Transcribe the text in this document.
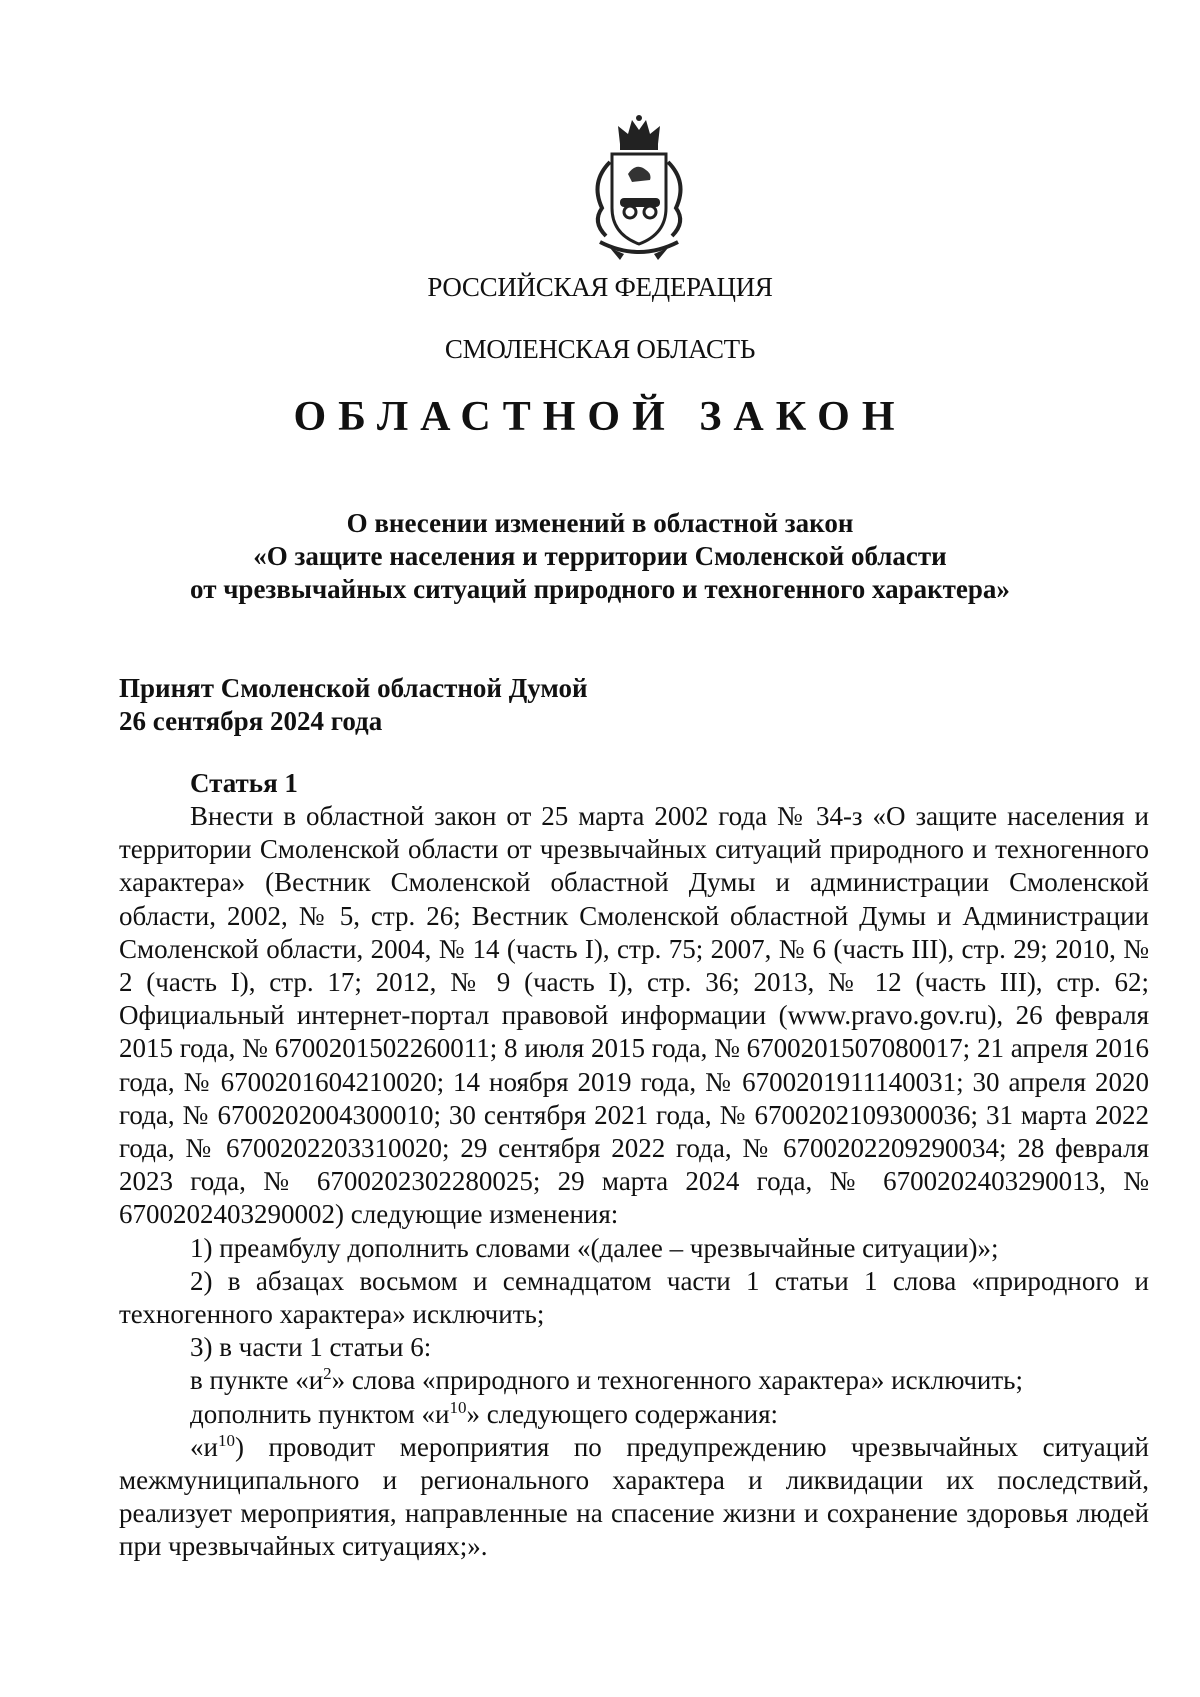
РОССИЙСКАЯ ФЕДЕРАЦИЯ
СМОЛЕНСКАЯ ОБЛАСТЬ
ОБЛАСТНОЙ ЗАКОН
О внесении изменений в областной закон
«О защите населения и территории Смоленской области
от чрезвычайных ситуаций природного и техногенного характера»
Принят Смоленской областной Думой
26 сентября 2024 года
Статья 1

Внести в областной закон от 25 марта 2002 года № 34-з «О защите населения и территории Смоленской области от чрезвычайных ситуаций природного и техногенного характера» (Вестник Смоленской областной Думы и администрации Смоленской области, 2002, № 5, стр. 26; Вестник Смоленской областной Думы и Администрации Смоленской области, 2004, № 14 (часть I), стр. 75; 2007, № 6 (часть III), стр. 29; 2010, № 2 (часть I), стр. 17; 2012, № 9 (часть I), стр. 36; 2013, № 12 (часть III), стр. 62; Официальный интернет-портал правовой информации (www.pravo.gov.ru), 26 февраля 2015 года, № 6700201502260011; 8 июля 2015 года, № 6700201507080017; 21 апреля 2016 года, № 6700201604210020; 14 ноября 2019 года, № 6700201911140031; 30 апреля 2020 года, № 6700202004300010; 30 сентября 2021 года, № 6700202109300036; 31 марта 2022 года, № 6700202203310020; 29 сентября 2022 года, № 6700202209290034; 28 февраля 2023 года, № 6700202302280025; 29 марта 2024 года, № 6700202403290013, № 6700202403290002) следующие изменения:

1) преамбулу дополнить словами «(далее – чрезвычайные ситуации)»;

2) в абзацах восьмом и семнадцатом части 1 статьи 1 слова «природного и техногенного характера» исключить;

3) в части 1 статьи 6:

в пункте «$и^2$» слова «природного и техногенного характера» исключить;

дополнить пунктом «$и^{10}$» следующего содержания:

«$и^{10}$) проводит мероприятия по предупреждению чрезвычайных ситуаций межмуниципального и регионального характера и ликвидации их последствий, реализует мероприятия, направленные на спасение жизни и сохранение здоровья людей при чрезвычайных ситуациях;».
